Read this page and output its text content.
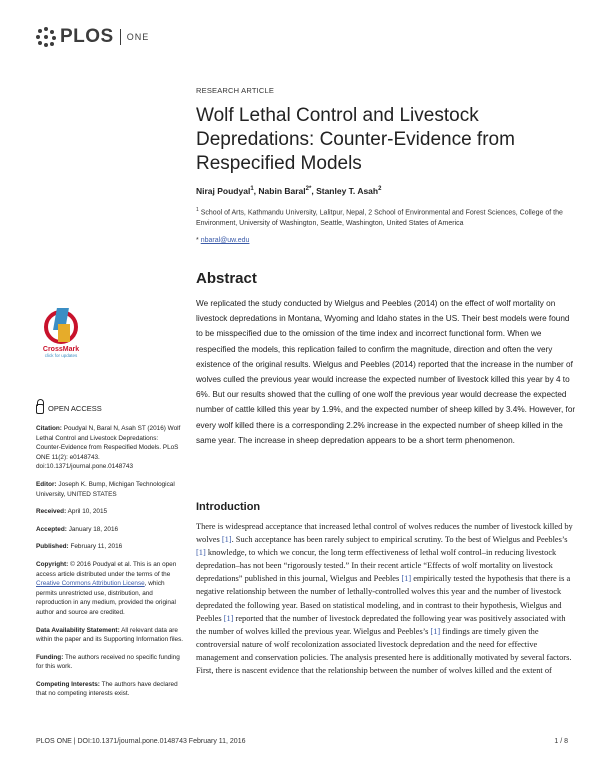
PLOS ONE
RESEARCH ARTICLE
Wolf Lethal Control and Livestock Depredations: Counter-Evidence from Respecified Models
Niraj Poudyal$^1$, Nabin Baral$^{2*}$, Stanley T. Asah$^2$
$^1$ School of Arts, Kathmandu University, Lalitpur, Nepal, 2 School of Environmental and Forest Sciences, College of the Environment, University of Washington, Seattle, Washington, United States of America
* nbaral@uw.edu
Abstract

We replicated the study conducted by Wielgus and Peebles (2014) on the effect of wolf mortality on livestock depredations in Montana, Wyoming and Idaho states in the US. Their best models were found to be misspecified due to the omission of the time index and incorrect functional form. When we respecified the models, this replication failed to confirm the magnitude, direction and often the very existence of the original results. Wielgus and Peebles (2014) reported that the increase in the number of wolves culled the previous year would increase the expected number of livestock killed this year by 4 to 6%. But our results showed that the culling of one wolf the previous year would decrease the expected number of cattle killed this year by 1.9%, and the expected number of sheep killed by 3.4%. However, for every wolf killed there is a corresponding 2.2% increase in the expected number of sheep killed in the same year. The increase in sheep depredation appears to be a short term phenomenon.

CrossMark
click for updates
OPEN ACCESS
Citation: Poudyal N, Baral N, Asah ST (2016) Wolf Lethal Control and Livestock Depredations: Counter-Evidence from Respecified Models. PLoS ONE 11(2): e0148743. doi:10.1371/journal.pone.0148743
Editor: Joseph K. Bump, Michigan Technological University, UNITED STATES
Received: April 10, 2015
Accepted: January 18, 2016
Published: February 11, 2016
Copyright: © 2016 Poudyal et al. This is an open access article distributed under the terms of the Creative Commons Attribution License, which permits unrestricted use, distribution, and reproduction in any medium, provided the original author and source are credited.
Data Availability Statement: All relevant data are within the paper and its Supporting Information files.
Funding: The authors received no specific funding for this work.
Competing Interests: The authors have declared that no competing interests exist.
Introduction

There is widespread acceptance that increased lethal control of wolves reduces the number of livestock killed by wolves [1]. Such acceptance has been rarely subject to empirical scrutiny. To the best of Wielgus and Peebles’s [1] knowledge, to which we concur, the long term effectiveness of lethal wolf control–in reducing livestock depredation–has not been “rigorously tested.” In their recent article “Effects of wolf mortality on livestock depredations” published in this journal, Wielgus and Peebles [1] empirically tested the hypothesis that there is a negative relationship between the number of lethally-controlled wolves this year and the number of livestock depredated the following year. Based on statistical modeling, and in contrast to their hypothesis, Wielgus and Peebles [1] reported that the number of livestock depredated the following year was positively associated with the number of wolves killed the previous year. Wielgus and Peebles’s [1] findings are timely given the controversial nature of wolf recolonization associated livestock depredation and the need for effective management and conservation policies. The analysis presented here is additionally motivated by several factors. First, there is nascent evidence that the relationship between the number of wolves killed and the extent of

PLOS ONE | DOI:10.1371/journal.pone.0148743 February 11, 2016	1 / 8
